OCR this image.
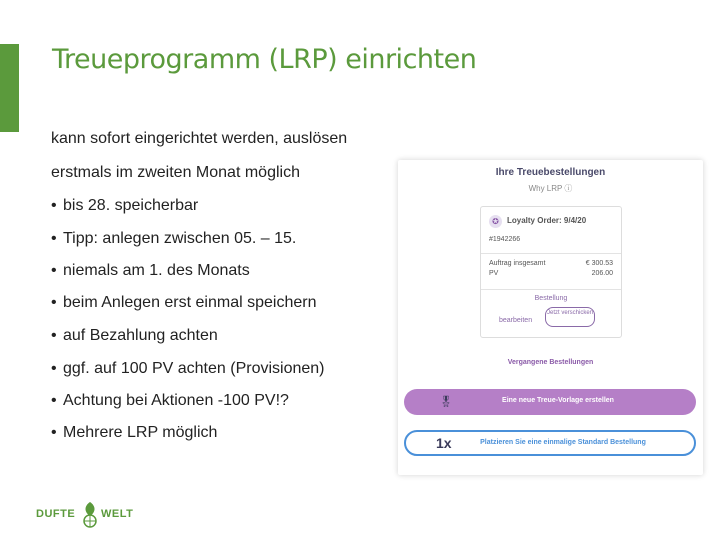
Treueprogramm (LRP) einrichten
kann sofort eingerichtet werden, auslösen
erstmals im zweiten Monat möglich
• bis 28. speicherbar
• Tipp: anlegen zwischen 05. – 15.
• niemals am 1. des Monats
• beim Anlegen erst einmal speichern
• auf Bezahlung achten
• ggf. auf 100 PV achten (Provisionen)
• Achtung bei Aktionen -100 PV!?
• Mehrere LRP möglich
Ihre Treuebestellungen
Why LRP ⓘ
✪	Loyalty Order: 9/4/20
#1942266
Auftrag insgesamt	€ 300.53
PV	206.00
Bestellung
bearbeiten
Jetzt verschicken
Vergangene Bestellungen
🎖	Eine neue Treue-Vorlage erstellen
1x	Platzieren Sie eine einmalige Standard Bestellung
DUFTE WELT
